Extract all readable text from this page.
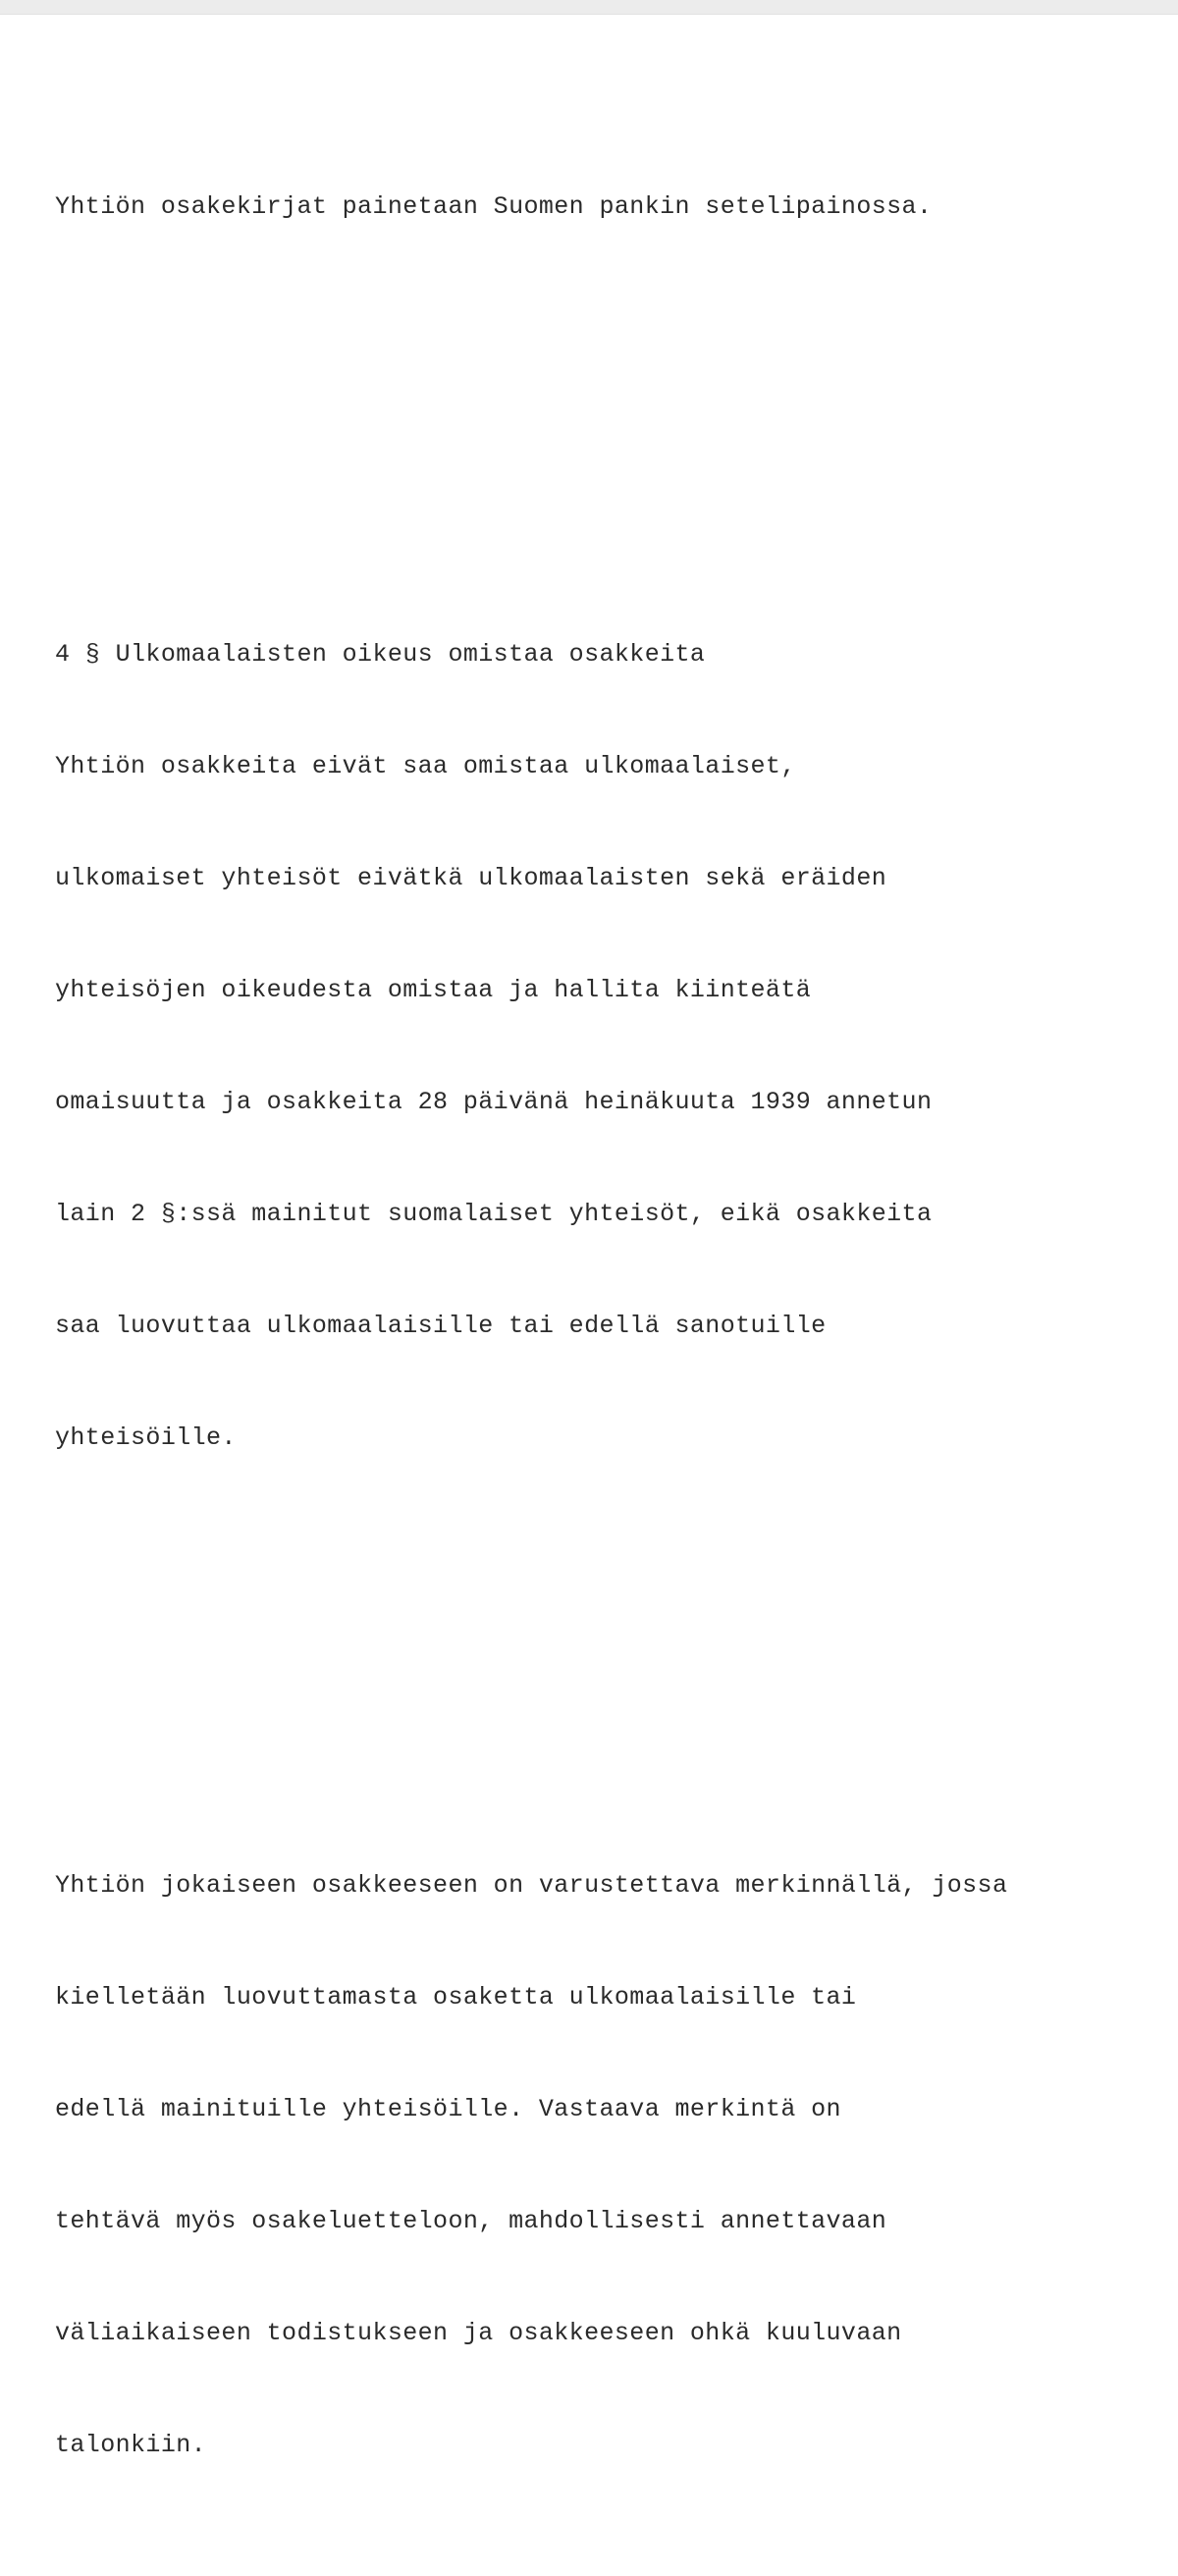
Yhtiön osakekirjat painetaan Suomen pankin setelipainossa.

4 § Ulkomaalaisten oikeus omistaa osakkeita

Yhtiön osakkeita eivät saa omistaa ulkomaalaiset,

ulkomaiset yhteisöt eivätkä ulkomaalaisten sekä eräiden

yhteisöjen oikeudesta omistaa ja hallita kiinteätä

omaisuutta ja osakkeita 28 päivänä heinäkuuta 1939 annetun

lain 2 §:ssä mainitut suomalaiset yhteisöt, eikä osakkeita

saa luovuttaa ulkomaalaisille tai edellä sanotuille

yhteisöille.

Yhtiön jokaiseen osakkeeseen on varustettava merkinnällä, jossa

kielletään luovuttamasta osaketta ulkomaalaisille tai

edellä mainituille yhteisöille. Vastaava merkintä on

tehtävä myös osakeluetteloon, mahdollisesti annettavaan

väliaikaiseen todistukseen ja osakkeeseen ohkä kuuluvaan

talonkiin.
